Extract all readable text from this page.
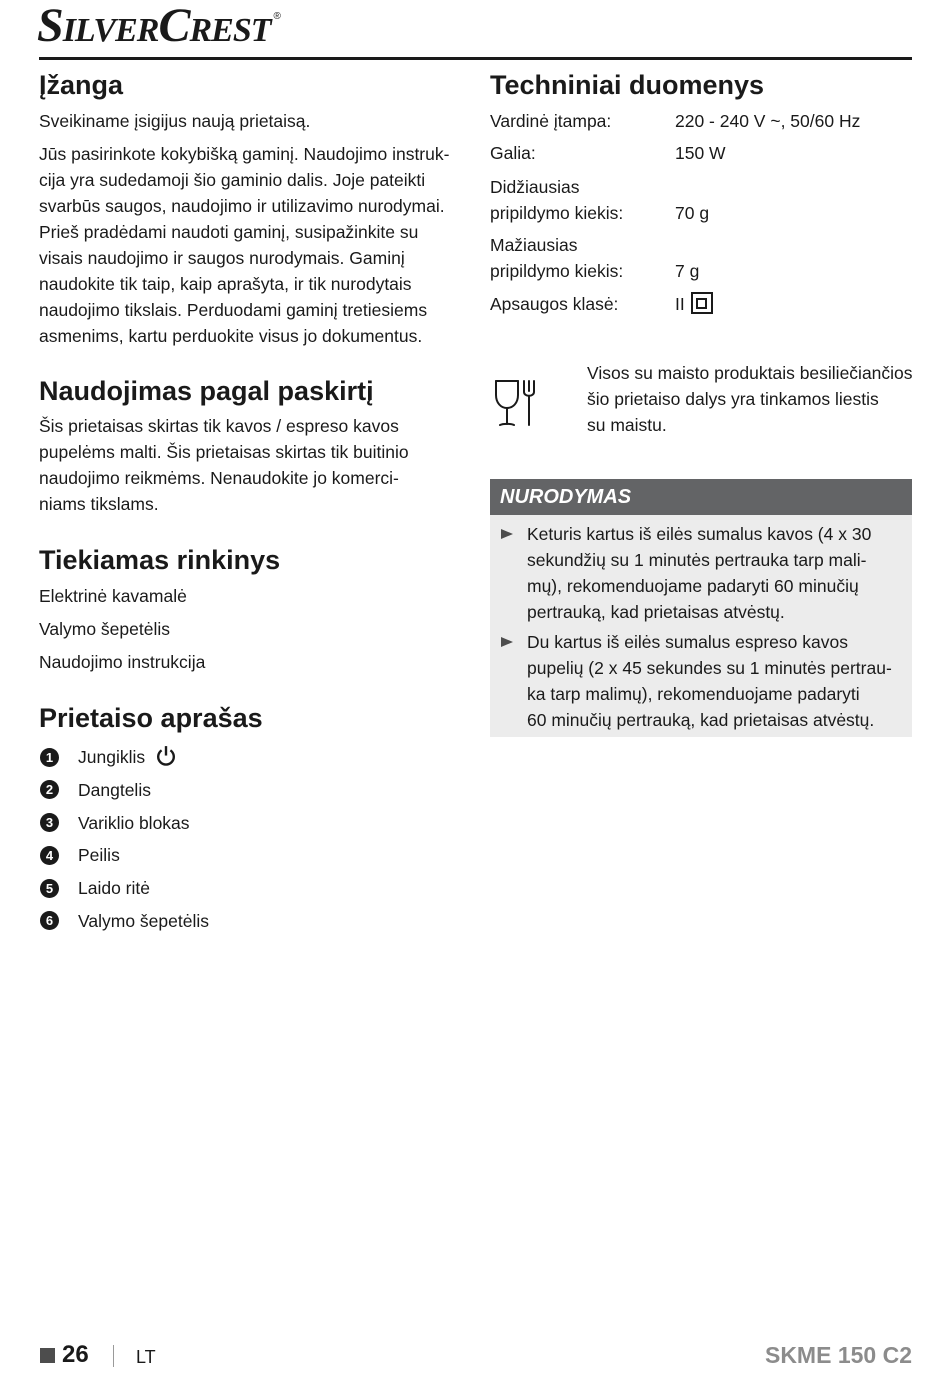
SilverCrest ®
Įžanga
Sveikiname įsigijus naują prietaisą.
Jūs pasirinkote kokybišką gaminį. Naudojimo instruk-
cija yra sudedamoji šio gaminio dalis. Joje pateikti
svarbūs saugos, naudojimo ir utilizavimo nurodymai.
Prieš pradėdami naudoti gaminį, susipažinkite su
visais naudojimo ir saugos nurodymais. Gaminį
naudokite tik taip, kaip aprašyta, ir tik nurodytais
naudojimo tikslais. Perduodami gaminį tretiesiems
asmenims, kartu perduokite visus jo dokumentus.
Naudojimas pagal paskirtį
Šis prietaisas skirtas tik kavos / espreso kavos
pupelėms malti. Šis prietaisas skirtas tik buitinio
naudojimo reikmėms. Nenaudokite jo komerci-
niams tikslams.
Tiekiamas rinkinys
Elektrinė kavamalė
Valymo šepetėlis
Naudojimo instrukcija
Prietaiso aprašas
1	Jungiklis
2	Dangtelis
3	Variklio blokas
4	Peilis
5	Laido ritė
6	Valymo šepetėlis
Techniniai duomenys
Vardinė įtampa:	220 - 240 V ~, 50/60 Hz
Galia:	150 W
Didžiausias
pripildymo kiekis:	70 g
Mažiausias
pripildymo kiekis:	7 g
Apsaugos klasė:	II
Visos su maisto produktais besiliečiančios
šio prietaiso dalys yra tinkamos liestis
su maistu.
NURODYMAS
Keturis kartus iš eilės sumalus kavos (4 x 30
sekundžių su 1 minutės pertrauka tarp mali-
mų), rekomenduojame padaryti 60 minučių
pertrauką, kad prietaisas atvėstų.
Du kartus iš eilės sumalus espreso kavos
pupelių (2 x 45 sekundes su 1 minutės pertrau-
ka tarp malimų), rekomenduojame padaryti
60 minučių pertrauką, kad prietaisas atvėstų.
26	LT	SKME 150 C2
